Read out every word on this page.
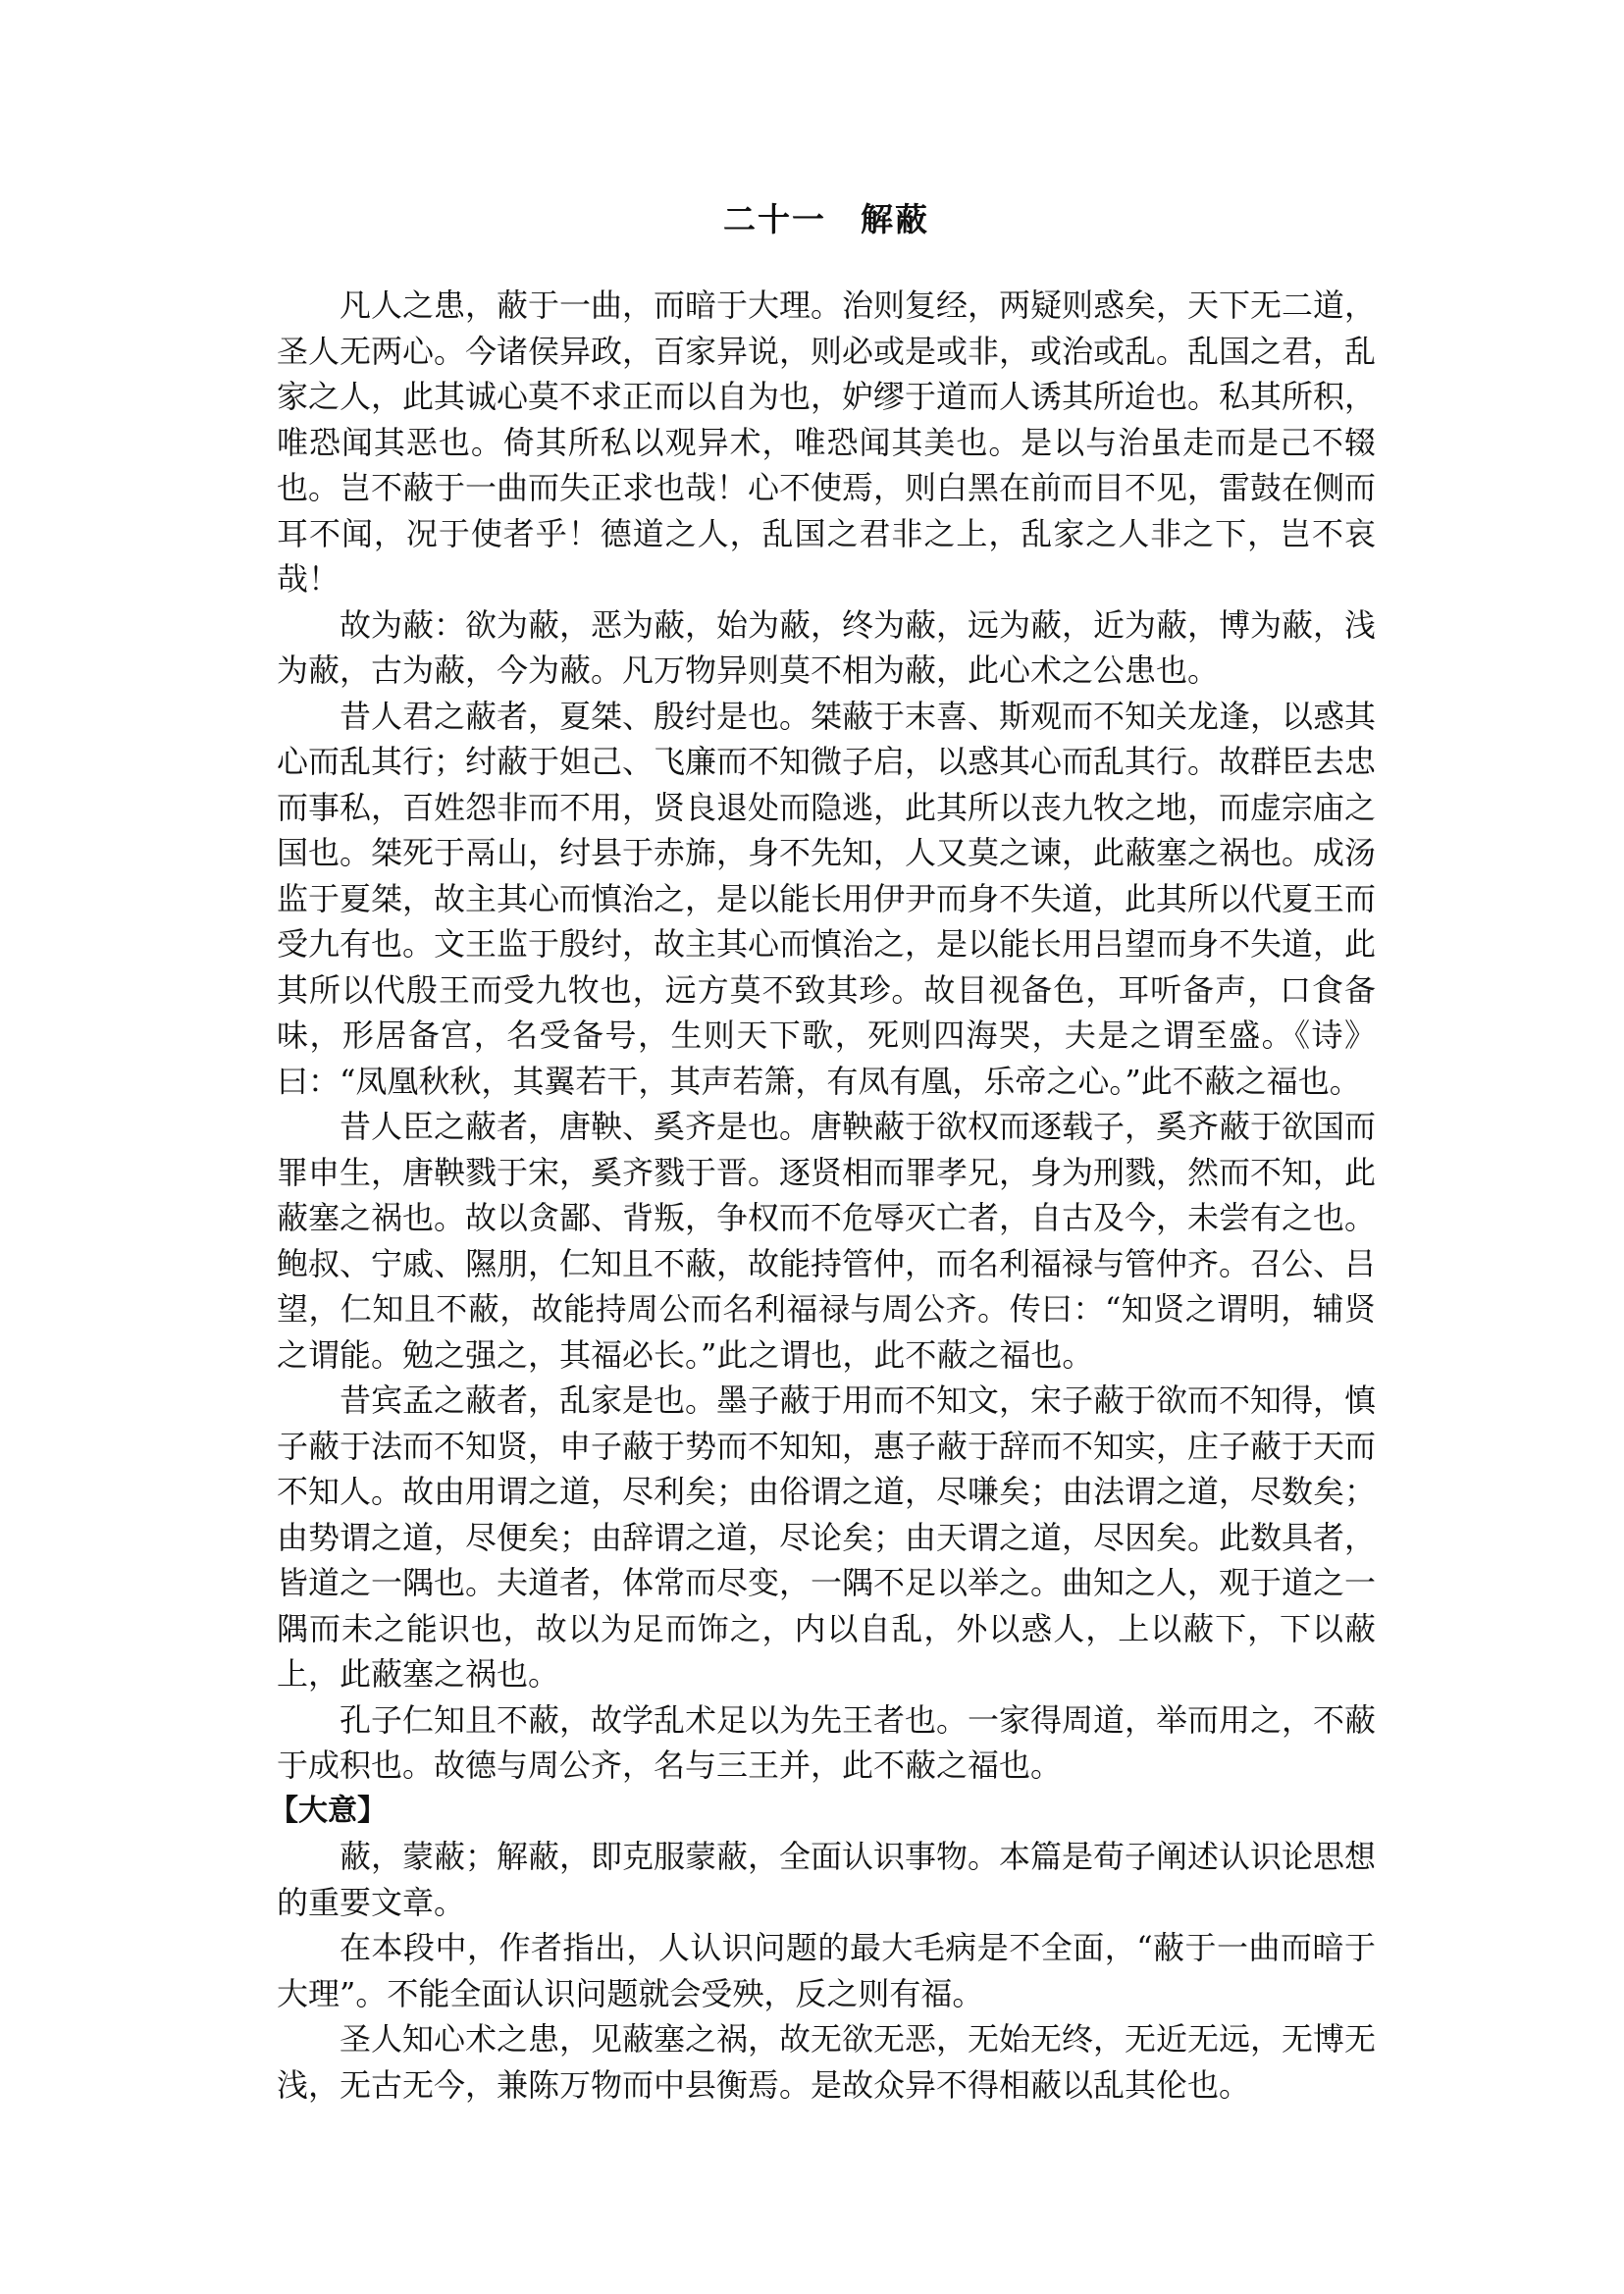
二十一　解蔽

凡人之患，蔽于一曲，而暗于大理。治则复经，两疑则惑矣，天下无二道，圣人无两心。今诸侯异政，百家异说，则必或是或非，或治或乱。乱国之君，乱家之人，此其诚心莫不求正而以自为也，妒缪于道而人诱其所迨也。私其所积，唯恐闻其恶也。倚其所私以观异术，唯恐闻其美也。是以与治虽走而是己不辍也。岂不蔽于一曲而失正求也哉！心不使焉，则白黑在前而目不见，雷鼓在侧而耳不闻，况于使者乎！德道之人，乱国之君非之上，乱家之人非之下，岂不哀哉！

故为蔽：欲为蔽，恶为蔽，始为蔽，终为蔽，远为蔽，近为蔽，博为蔽，浅为蔽，古为蔽，今为蔽。凡万物异则莫不相为蔽，此心术之公患也。

昔人君之蔽者，夏桀、殷纣是也。桀蔽于末喜、斯观而不知关龙逢，以惑其心而乱其行；纣蔽于妲己、飞廉而不知微子启，以惑其心而乱其行。故群臣去忠而事私，百姓怨非而不用，贤良退处而隐逃，此其所以丧九牧之地，而虚宗庙之国也。桀死于鬲山，纣县于赤旆，身不先知，人又莫之谏，此蔽塞之祸也。成汤监于夏桀，故主其心而慎治之，是以能长用伊尹而身不失道，此其所以代夏王而受九有也。文王监于殷纣，故主其心而慎治之，是以能长用吕望而身不失道，此其所以代殷王而受九牧也，远方莫不致其珍。故目视备色，耳听备声，口食备味，形居备宫，名受备号，生则天下歌，死则四海哭，夫是之谓至盛。《诗》曰：“凤凰秋秋，其翼若干，其声若箫，有凤有凰，乐帝之心。”此不蔽之福也。

昔人臣之蔽者，唐鞅、奚齐是也。唐鞅蔽于欲权而逐载子，奚齐蔽于欲国而罪申生，唐鞅戮于宋，奚齐戮于晋。逐贤相而罪孝兄，身为刑戮，然而不知，此蔽塞之祸也。故以贪鄙、背叛，争权而不危辱灭亡者，自古及今，未尝有之也。鲍叔、宁戚、隰朋，仁知且不蔽，故能持管仲，而名利福禄与管仲齐。召公、吕望，仁知且不蔽，故能持周公而名利福禄与周公齐。传曰：“知贤之谓明，辅贤之谓能。勉之强之，其福必长。”此之谓也，此不蔽之福也。

昔宾孟之蔽者，乱家是也。墨子蔽于用而不知文，宋子蔽于欲而不知得，慎子蔽于法而不知贤，申子蔽于势而不知知，惠子蔽于辞而不知实，庄子蔽于天而不知人。故由用谓之道，尽利矣；由俗谓之道，尽嗛矣；由法谓之道，尽数矣；由势谓之道，尽便矣；由辞谓之道，尽论矣；由天谓之道，尽因矣。此数具者，皆道之一隅也。夫道者，体常而尽变，一隅不足以举之。曲知之人，观于道之一隅而未之能识也，故以为足而饰之，内以自乱，外以惑人，上以蔽下，下以蔽上，此蔽塞之祸也。

孔子仁知且不蔽，故学乱术足以为先王者也。一家得周道，举而用之，不蔽于成积也。故德与周公齐，名与三王并，此不蔽之福也。

【大意】

蔽，蒙蔽；解蔽，即克服蒙蔽，全面认识事物。本篇是荀子阐述认识论思想的重要文章。

在本段中，作者指出，人认识问题的最大毛病是不全面，“蔽于一曲而暗于大理”。不能全面认识问题就会受殃，反之则有福。

圣人知心术之患，见蔽塞之祸，故无欲无恶，无始无终，无近无远，无博无浅，无古无今，兼陈万物而中县衡焉。是故众异不得相蔽以乱其伦也。
